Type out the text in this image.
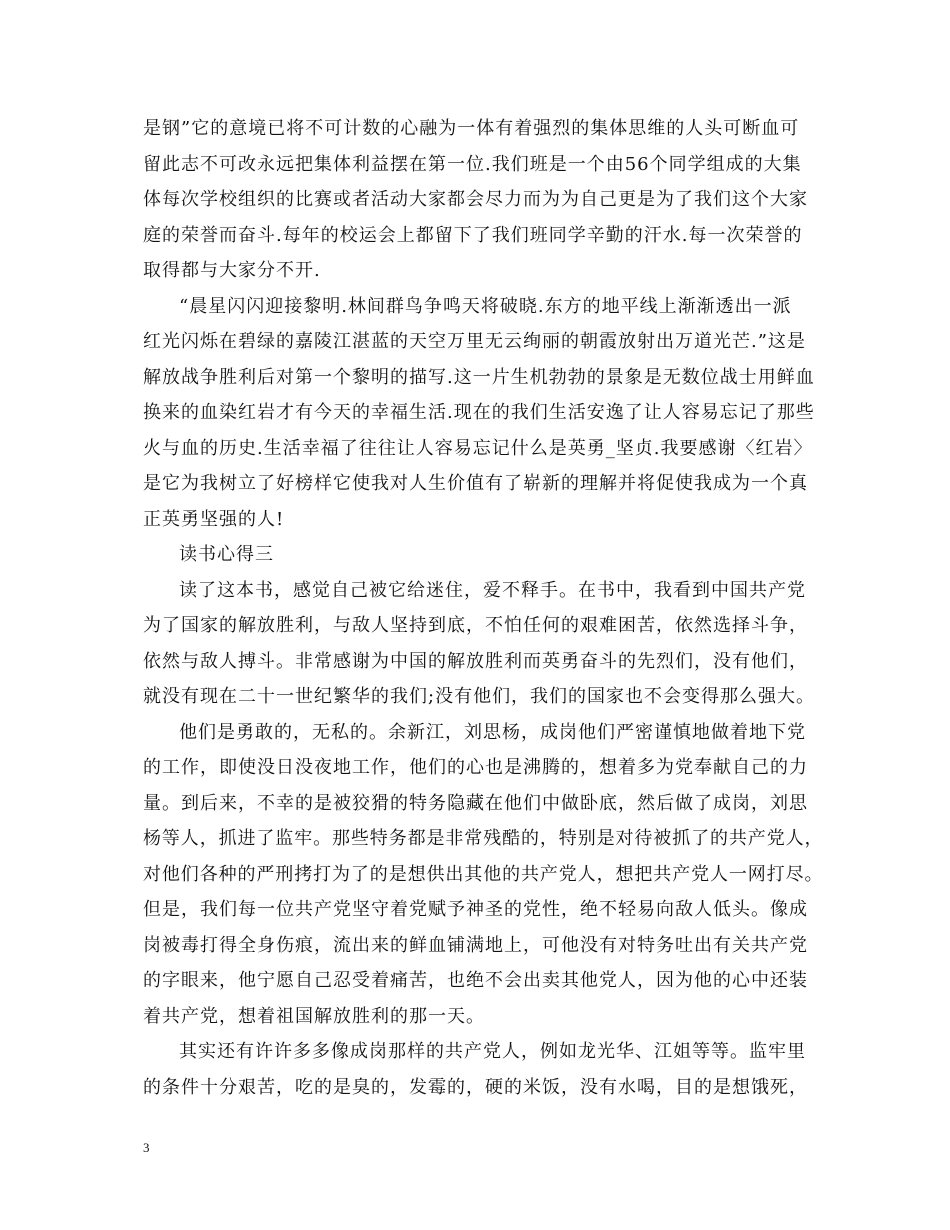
是钢”它的意境已将不可计数的心融为一体有着强烈的集体思维的人头可断血可
留此志不可改永远把集体利益摆在第一位.我们班是一个由56个同学组成的大集
体每次学校组织的比赛或者活动大家都会尽力而为为自己更是为了我们这个大家
庭的荣誉而奋斗.每年的校运会上都留下了我们班同学辛勤的汗水.每一次荣誉的
取得都与大家分不开.
“晨星闪闪迎接黎明.林间群鸟争鸣天将破晓.东方的地平线上渐渐透出一派
红光闪烁在碧绿的嘉陵江湛蓝的天空万里无云绚丽的朝霞放射出万道光芒.”这是
解放战争胜利后对第一个黎明的描写.这一片生机勃勃的景象是无数位战士用鲜血
换来的血染红岩才有今天的幸福生活.现在的我们生活安逸了让人容易忘记了那些
火与血的历史.生活幸福了往往让人容易忘记什么是英勇_坚贞.我要感谢〈红岩〉
是它为我树立了好榜样它使我对人生价值有了崭新的理解并将促使我成为一个真
正英勇坚强的人!
读书心得三
读了这本书，感觉自己被它给迷住，爱不释手。在书中，我看到中国共产党
为了国家的解放胜利，与敌人坚持到底，不怕任何的艰难困苦，依然选择斗争，
依然与敌人搏斗。非常感谢为中国的解放胜利而英勇奋斗的先烈们，没有他们，
就没有现在二十一世纪繁华的我们;没有他们，我们的国家也不会变得那么强大。
他们是勇敢的，无私的。余新江，刘思杨，成岗他们严密谨慎地做着地下党
的工作，即使没日没夜地工作，他们的心也是沸腾的，想着多为党奉献自己的力
量。到后来，不幸的是被狡猾的特务隐藏在他们中做卧底，然后做了成岗，刘思
杨等人，抓进了监牢。那些特务都是非常残酷的，特别是对待被抓了的共产党人，
对他们各种的严刑拷打为了的是想供出其他的共产党人，想把共产党人一网打尽。
但是，我们每一位共产党坚守着党赋予神圣的党性，绝不轻易向敌人低头。像成
岗被毒打得全身伤痕，流出来的鲜血铺满地上，可他没有对特务吐出有关共产党
的字眼来，他宁愿自己忍受着痛苦，也绝不会出卖其他党人，因为他的心中还装
着共产党，想着祖国解放胜利的那一天。
其实还有许许多多像成岗那样的共产党人，例如龙光华、江姐等等。监牢里
的条件十分艰苦，吃的是臭的，发霉的，硬的米饭，没有水喝，目的是想饿死，
3
